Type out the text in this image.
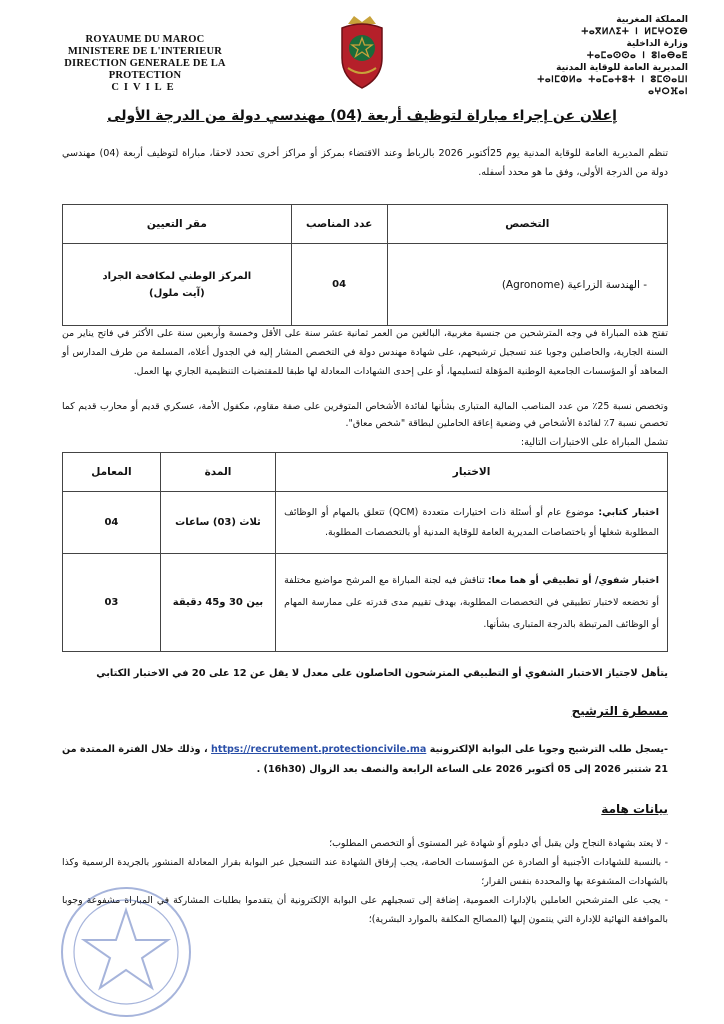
ROYAUME DU MAROC
MINISTERE DE L'INTERIEUR
DIRECTION GENERALE DE LA PROTECTION
CIVILE
المملكة المغربية
ⵜⴰⴳⵍⴷⵉⵜ ⵏ ⵍⵎⵖⵔⵉⴱ
وزارة الداخلية
ⵜⴰⵎⴰⵙⵙⴰ ⵏ ⵓⵏⴰⴱⴰⴹ
المديرية العامة للوقاية المدنية
ⵜⴰⵏⵎⵀⵍⴰ ⵜⴰⵎⴰⵜⵓⵜ ⵏ ⵓⵎⵙⴰⵡⵏ ⴰⵖⵔⴼⴰⵏ
إعلان عن إجراء مباراة لتوظيف أربعة (04) مهندسي دولة من الدرجة الأولى
تنظم المديرية العامة للوقاية المدنية يوم 25أكتوبر 2026 بالرباط وعند الاقتضاء بمركز أو مراكز أخرى تحدد لاحقا، مباراة لتوظيف أربعة (04) مهندسي دولة من الدرجة الأولى، وفق ما هو محدد أسفله.
التخصص	عدد المناصب	مقر التعيين
- الهندسة الزراعية (Agronome)	04	المركز الوطني لمكافحة الجراد
(آيت ملول)
تفتح هذه المباراة في وجه المترشحين من جنسية مغربية، البالغين من العمر ثمانية عشر سنة على الأقل وخمسة وأربعين سنة على الأكثر في فاتح يناير من السنة الجارية، والحاصلين وجوبا عند تسجيل ترشيحهم، على شهادة مهندس دولة في التخصص المشار إليه في الجدول أعلاه، المسلمة من طرف المدارس أو المعاهد أو المؤسسات الجامعية الوطنية المؤهلة لتسليمها، أو على إحدى الشهادات المعادلة لها طبقا للمقتضيات التنظيمية الجاري بها العمل.
وتخصص نسبة 25٪ من عدد المناصب المالية المتبارى بشأنها لفائدة الأشخاص المتوفرين على صفة مقاوم، مكفول الأمة، عسكري قديم أو محارب قديم كما تخصص نسبة 7٪ لفائدة الأشخاص في وضعية إعاقة الحاملين لبطاقة "شخص معاق".
تشمل المباراة على الاختبارات التالية:
الاختبار	المدة	المعامل
اختبار كتابي: موضوع عام أو أسئلة ذات اختيارات متعددة (QCM) تتعلق بالمهام أو الوظائف المطلوبة شغلها أو باختصاصات المديرية العامة للوقاية المدنية أو بالتخصصات المطلوبة.	ثلاث (03) ساعات	04
اختبار شفوي/ أو تطبيقي أو هما معا: تناقش فيه لجنة المباراة مع المرشح مواضيع مختلفة أو تخضعه لاختبار تطبيقي في التخصصات المطلوبة، بهدف تقييم مدى قدرته على ممارسة المهام أو الوظائف المرتبطة بالدرجة المتبارى بشأنها.	بين 30 و45 دقيقة	03
يتأهل لاجتياز الاختبار الشفوي أو التطبيقي المترشحون الحاصلون على معدل لا يقل عن 12 على 20 في الاختبار الكتابي
مسطرة الترشيح
-يسجل طلب الترشيح وجوبا على البوابة الإلكترونية https://recrutement.protectioncivile.ma ، وذلك خلال الفترة الممتدة من 21 شتنبر 2026 إلى 05 أكتوبر 2026 على الساعة الرابعة والنصف بعد الزوال (16h30) .
بيانات هامة
- لا يعتد بشهادة النجاح ولن يقبل أي دبلوم أو شهادة غير المستوى أو التخصص المطلوب؛
- بالنسبة للشهادات الأجنبية أو الصادرة عن المؤسسات الخاصة، يجب إرفاق الشهادة عند التسجيل عبر البوابة بقرار المعادلة المنشور بالجريدة الرسمية وكذا بالشهادات المشفوعة بها والمحددة بنفس القرار؛
- يجب على المترشحين العاملين بالإدارات العمومية، إضافة إلى تسجيلهم على البوابة الإلكترونية أن يتقدموا بطلبات المشاركة في المباراة مشفوعة وجوبا بالموافقة النهائية للإدارة التي ينتمون إليها (المصالح المكلفة بالموارد البشرية)؛
